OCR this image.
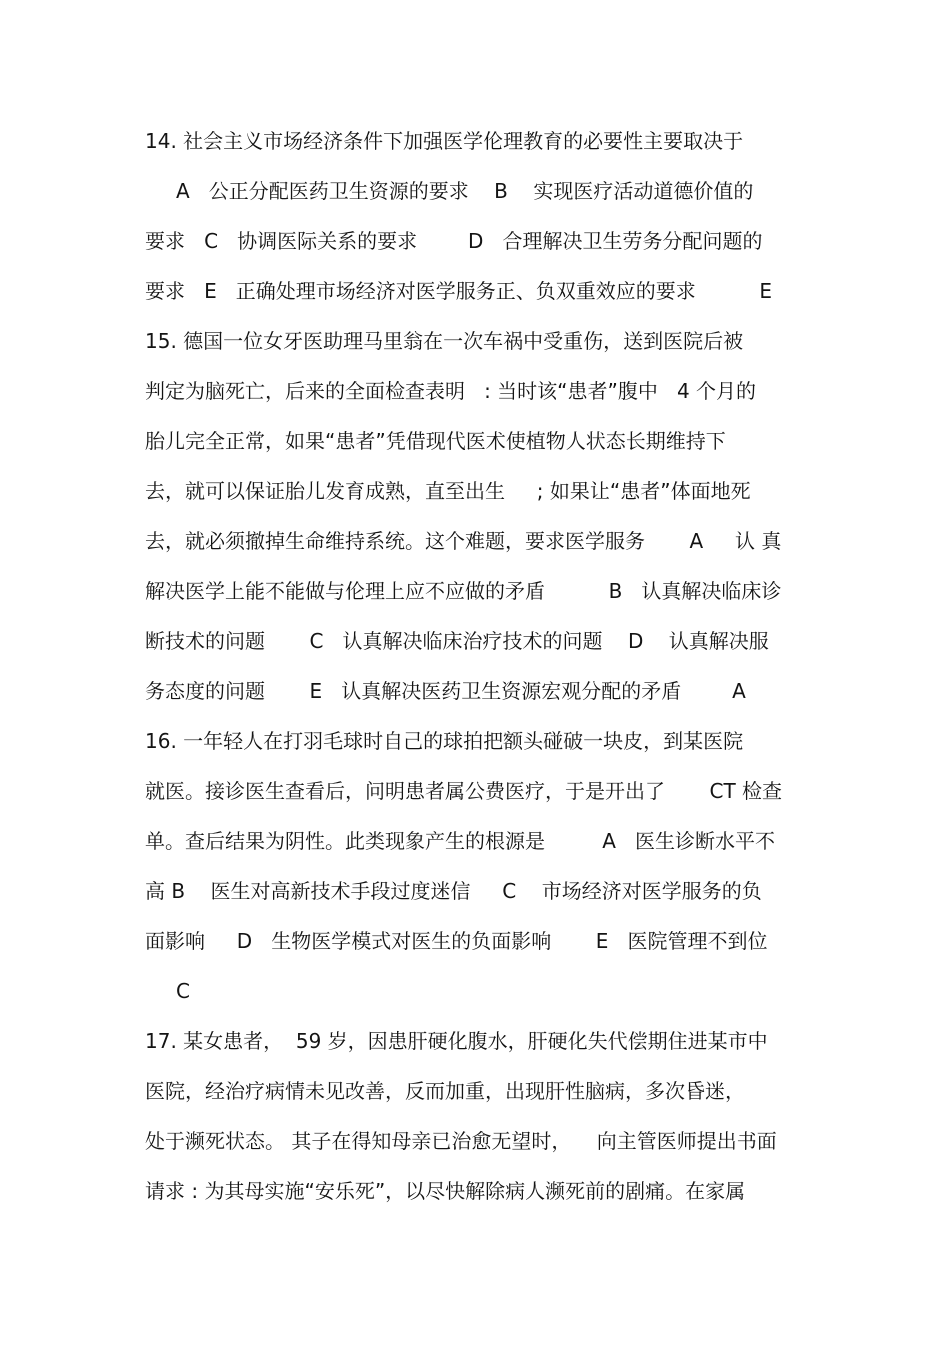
14. 社会主义市场经济条件下加强医学伦理教育的必要性主要取决于
A   公正分配医药卫生资源的要求    B    实现医疗活动道德价值的
要求   C   协调医际关系的要求        D   合理解决卫生劳务分配问题的
要求   E   正确处理市场经济对医学服务正、负双重效应的要求          E
15. 德国一位女牙医助理马里翁在一次车祸中受重伤，送到医院后被
判定为脑死亡，后来的全面检查表明   : 当时该“患者”腹中   4 个月的
胎儿完全正常，如果“患者”凭借现代医术使植物人状态长期维持下
去，就可以保证胎儿发育成熟，直至出生     ; 如果让“患者”体面地死
去，就必须撤掉生命维持系统。这个难题，要求医学服务       A     认 真
解决医学上能不能做与伦理上应不应做的矛盾          B   认真解决临床诊
断技术的问题       C   认真解决临床治疗技术的问题    D    认真解决服
务态度的问题       E   认真解决医药卫生资源宏观分配的矛盾        A
16. 一年轻人在打羽毛球时自己的球拍把额头碰破一块皮，到某医院
就医。接诊医生查看后，问明患者属公费医疗，于是开出了       CT 检查
单。查后结果为阴性。此类现象产生的根源是         A   医生诊断水平不
高 B    医生对高新技术手段过度迷信     C    市场经济对医学服务的负
面影响     D   生物医学模式对医生的负面影响       E   医院管理不到位
C
17. 某女患者，  59 岁，因患肝硬化腹水，肝硬化失代偿期住进某市中
医院，经治疗病情未见改善，反而加重，出现肝性脑病，多次昏迷，
处于濒死状态。 其子在得知母亲已治愈无望时，    向主管医师提出书面
请求 : 为其母实施“安乐死”，以尽快解除病人濒死前的剧痛。在家属
